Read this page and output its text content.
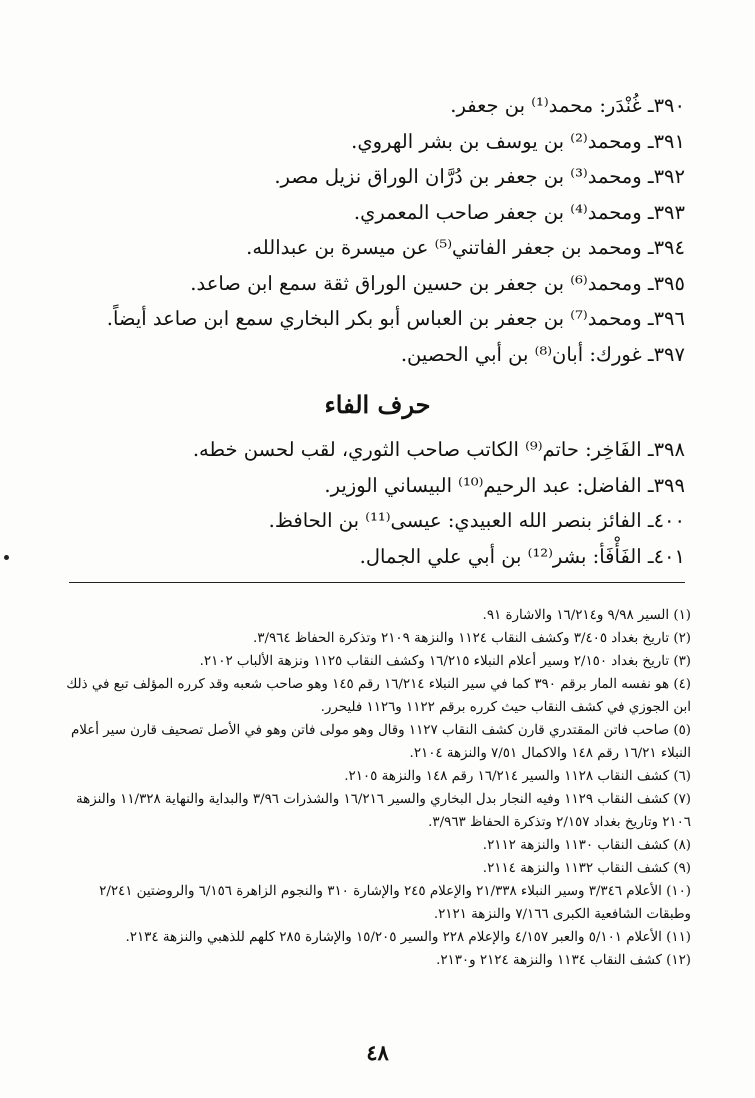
٣٩٠ـ غُنْدَر: محمد⁽¹⁾ بن جعفر.
٣٩١ـ ومحمد⁽²⁾ بن يوسف بن بشر الهروي.
٣٩٢ـ ومحمد⁽³⁾ بن جعفر بن دُرَّان الوراق نزيل مصر.
٣٩٣ـ ومحمد⁽⁴⁾ بن جعفر صاحب المعمري.
٣٩٤ـ ومحمد بن جعفر الفاتني⁽⁵⁾ عن ميسرة بن عبدالله.
٣٩٥ـ ومحمد⁽⁶⁾ بن جعفر بن حسين الوراق ثقة سمع ابن صاعد.
٣٩٦ـ ومحمد⁽⁷⁾ بن جعفر بن العباس أبو بكر البخاري سمع ابن صاعد أيضاً.
٣٩٧ـ غورك: أبان⁽⁸⁾ بن أبي الحصين.
حرف الفاء
٣٩٨ـ الفَاخِر: حاتم⁽⁹⁾ الكاتب صاحب الثوري، لقب لحسن خطه.
٣٩٩ـ الفاضل: عبد الرحيم⁽¹⁰⁾ البيساني الوزير.
٤٠٠ـ الفائز بنصر الله العبيدي: عيسى⁽¹¹⁾ بن الحافظ.
٤٠١ـ الفَأْفَأ: بشر⁽¹²⁾ بن أبي علي الجمال.
(١) السير ٩/٩٨ و١٦/٢١٤ والاشارة ٩١.
(٢) تاريخ بغداد ٣/٤٠٥ وكشف النقاب ١١٢٤ والنزهة ٢١٠٩ وتذكرة الحفاظ ٣/٩٦٤.
(٣) تاريخ بغداد ٢/١٥٠ وسير أعلام النبلاء ١٦/٢١٥ وكشف النقاب ١١٢٥ ونزهة الألباب ٢١٠٢.
(٤) هو نفسه المار برقم ٣٩٠ كما في سير النبلاء ١٦/٢١٤ رقم ١٤٥ وهو صاحب شعبه وقد كرره المؤلف تبع في ذلك ابن الجوزي في كشف النقاب حيث كرره برقم ١١٢٢ و١١٢٦ فليحرر.
(٥) صاحب فاتن المقتدري قارن كشف النقاب ١١٢٧ وقال وهو مولى فاتن وهو في الأصل تصحيف قارن سير أعلام النبلاء ١٦/٢١ رقم ١٤٨ والاكمال ٧/٥١ والنزهة ٢١٠٤.
(٦) كشف النقاب ١١٢٨ والسير ١٦/٢١٤ رقم ١٤٨ والنزهة ٢١٠٥.
(٧) كشف النقاب ١١٢٩ وفيه النجار بدل البخاري والسير ١٦/٢١٦ والشذرات ٣/٩٦ والبداية والنهاية ١١/٣٢٨ والنزهة ٢١٠٦ وتاريخ بغداد ٢/١٥٧ وتذكرة الحفاظ ٣/٩٦٣.
(٨) كشف النقاب ١١٣٠ والنزهة ٢١١٢.
(٩) كشف النقاب ١١٣٢ والنزهة ٢١١٤.
(١٠) الأعلام ٣/٣٤٦ وسير النبلاء ٢١/٣٣٨ والإعلام ٢٤٥ والإشارة ٣١٠ والنجوم الزاهرة ٦/١٥٦ والروضتين ٢/٢٤١ وطبقات الشافعية الكبرى ٧/١٦٦ والنزهة ٢١٢١.
(١١) الأعلام ٥/١٠١ والعبر ٤/١٥٧ والإعلام ٢٢٨ والسير ١٥/٢٠٥ والإشارة ٢٨٥ كلهم للذهبي والنزهة ٢١٣٤.
(١٢) كشف النقاب ١١٣٤ والنزهة ٢١٢٤ و٢١٣٠.
٤٨
